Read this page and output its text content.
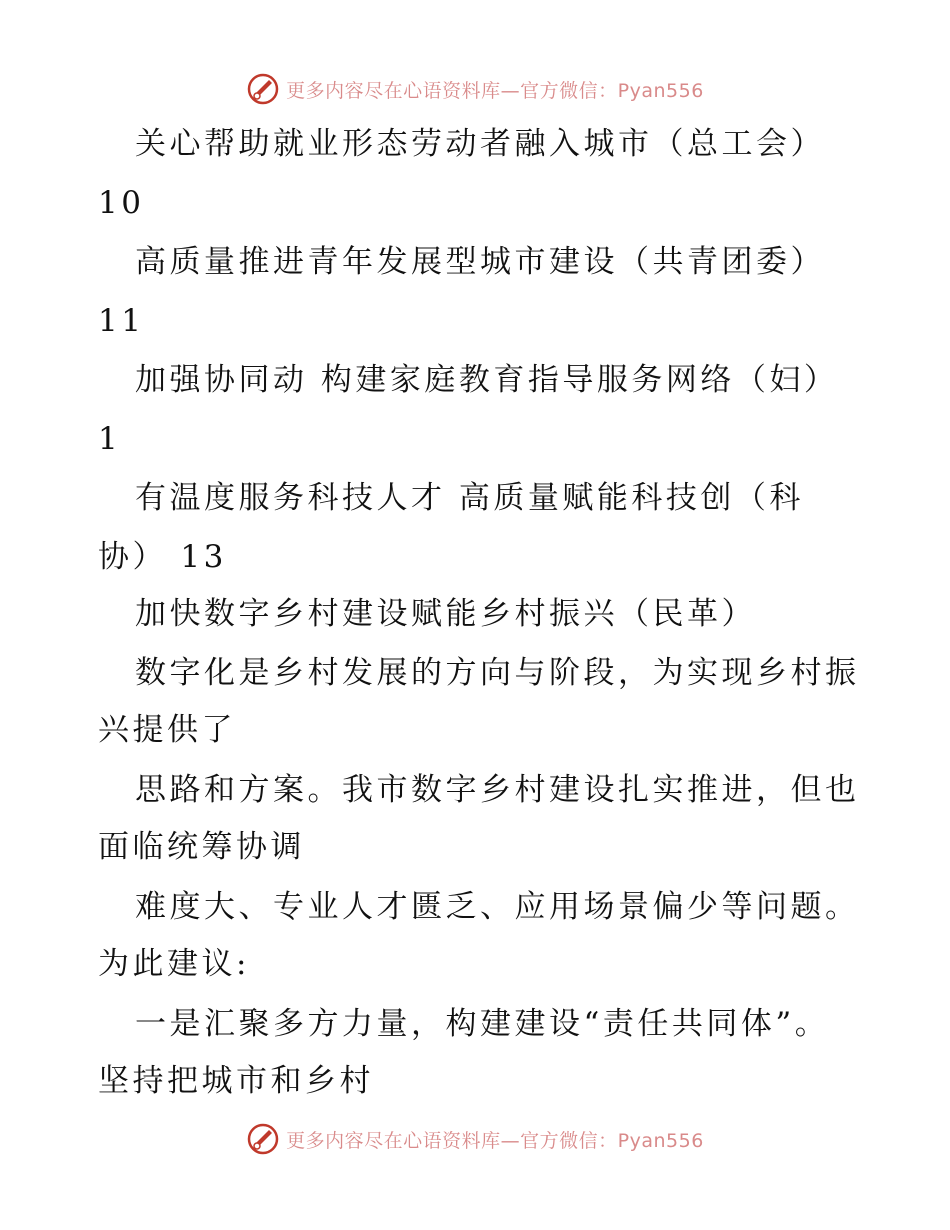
更多内容尽在心语资料库—官方微信：Pyan556
关心帮助就业形态劳动者融入城市（总工会）
10
高质量推进青年发展型城市建设（共青团委）
11
加强协同动 构建家庭教育指导服务网络（妇）
1
有温度服务科技人才 高质量赋能科技创（科
协） 13
加快数字乡村建设赋能乡村振兴（民革）
数字化是乡村发展的方向与阶段，为实现乡村振
兴提供了
思路和方案。我市数字乡村建设扎实推进，但也
面临统筹协调
难度大、专业人才匮乏、应用场景偏少等问题。
为此建议:
一是汇聚多方力量，构建建设“责任共同体”。
坚持把城市和乡村
更多内容尽在心语资料库—官方微信：Pyan556
